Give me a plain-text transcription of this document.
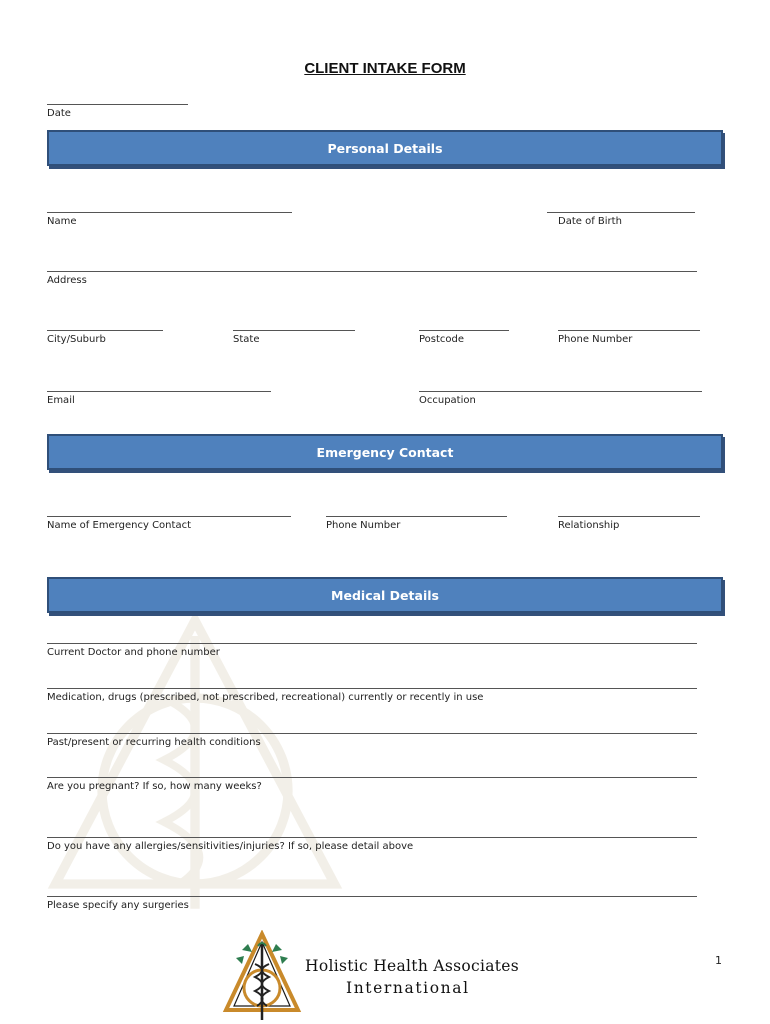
CLIENT INTAKE FORM
Date
Personal Details
Name	Date of Birth
Address
City/Suburb	State	Postcode	Phone Number
Email	Occupation
Emergency Contact
Name of Emergency Contact	Phone Number	Relationship
Medical Details
Current Doctor and phone number
Medication, drugs (prescribed, not prescribed, recreational) currently or recently in use
Past/present or recurring health conditions
Are you pregnant? If so, how many weeks?
Do you have any allergies/sensitivities/injuries? If so, please detail above
Please specify any surgeries
Holistic Health Associates
International
1
